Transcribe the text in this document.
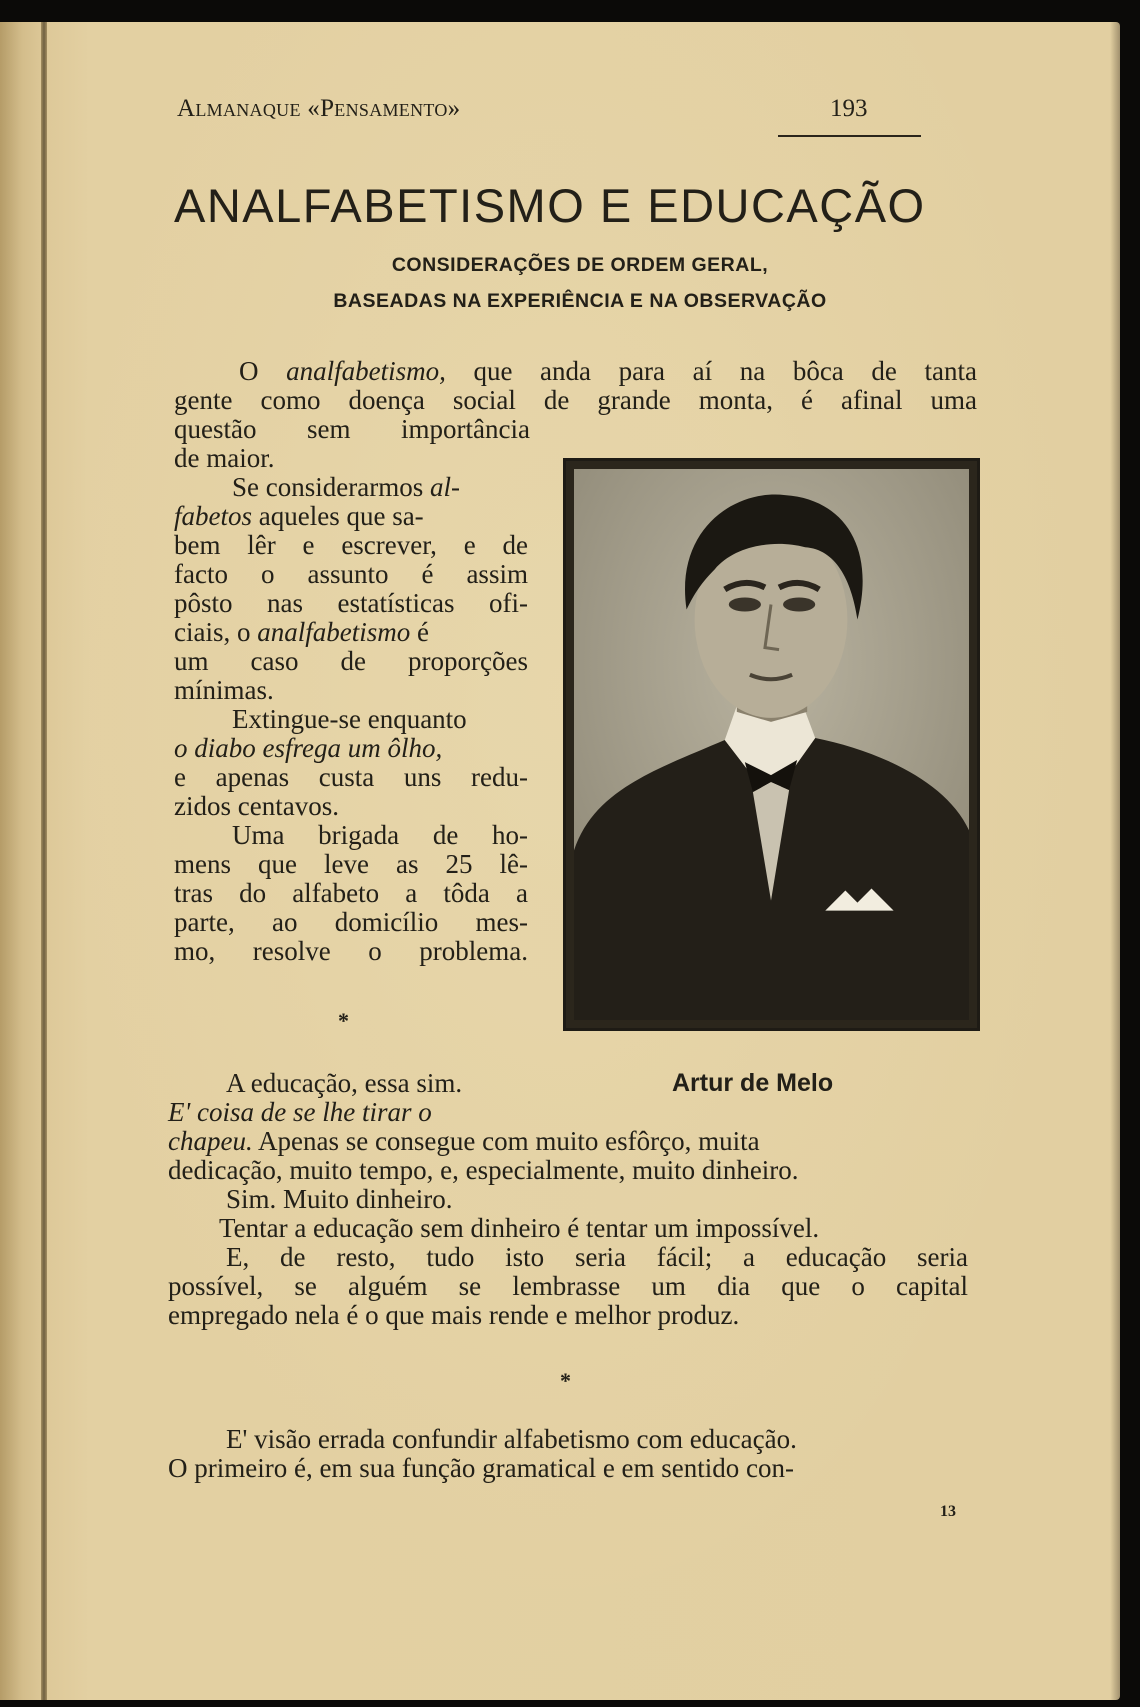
Almanaque «Pensamento»	193
ANALFABETISMO E EDUCAÇÃO
CONSIDERAÇÕES DE ORDEM GERAL,
BASEADAS NA EXPERIÊNCIA E NA OBSERVAÇÃO
O analfabetismo, que anda para aí na bôca de tanta
gente como doença social de grande monta, é afinal uma
questão sem importância
de maior.
Se considerarmos al-
fabetos aqueles que sa-
bem lêr e escrever, e de
facto o assunto é assim
pôsto nas estatísticas ofi-
ciais, o analfabetismo é
um caso de proporções
mínimas.
Extingue-se enquanto
o diabo esfrega um ôlho,
e apenas custa uns redu-
zidos centavos.
Uma brigada de ho-
mens que leve as 25 lê-
tras do alfabeto a tôda a
parte, ao domicílio mes-
mo, resolve o problema.
*
Artur de Melo
A educação, essa sim.
E' coisa de se lhe tirar o
chapeu. Apenas se consegue com muito esfôrço, muita
dedicação, muito tempo, e, especialmente, muito dinheiro.
Sim. Muito dinheiro.
Tentar a educação sem dinheiro é tentar um impossível.
E, de resto, tudo isto seria fácil; a educação seria
possível, se alguém se lembrasse um dia que o capital
empregado nela é o que mais rende e melhor produz.
*
E' visão errada confundir alfabetismo com educação.
O primeiro é, em sua função gramatical e em sentido con-
13
